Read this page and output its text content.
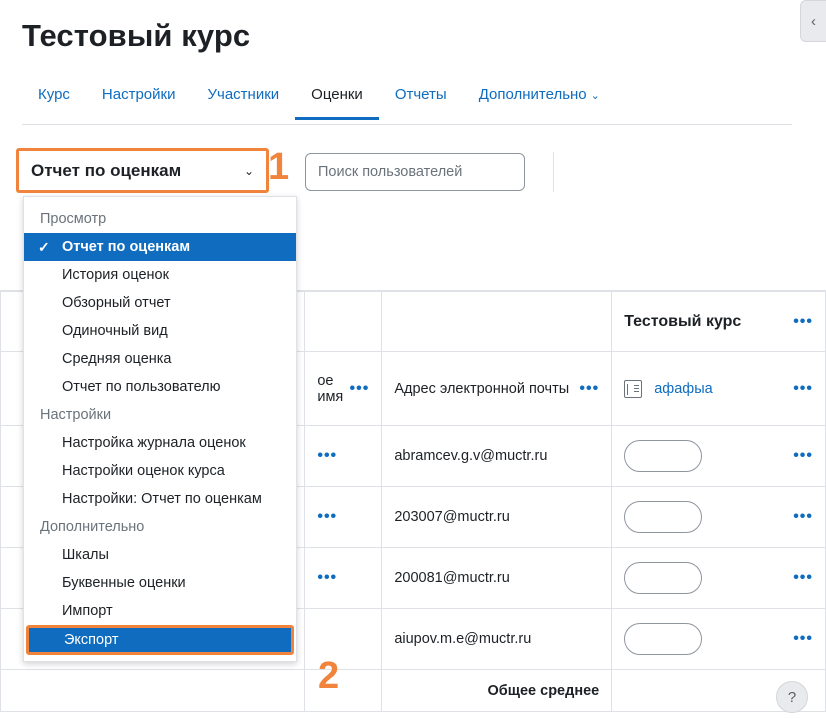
Тестовый курс
Курс	Настройки	Участники	Оценки	Отчеты	Дополнительно ⌄

			Тестовый курс •••

	ое имя •••	Адрес электронной почты •••	афафыа •••

	•••	abramcev.g.v@muctr.ru	•••

	•••	203007@muctr.ru	•••

	•••	200081@muctr.ru	•••

		aiupov.m.e@muctr.ru	•••

		Общее среднее	
Отчет по оценкам	⌄ 1
2
Поиск пользователей
Просмотр
✓ Отчет по оценкам
История оценок
Обзорный отчет
Одиночный вид
Средняя оценка
Отчет по пользователю
Настройки
Настройка журнала оценок
Настройки оценок курса
Настройки: Отчет по оценкам
Дополнительно
Шкалы
Буквенные оценки
Импорт
Экспорт
‹
?
